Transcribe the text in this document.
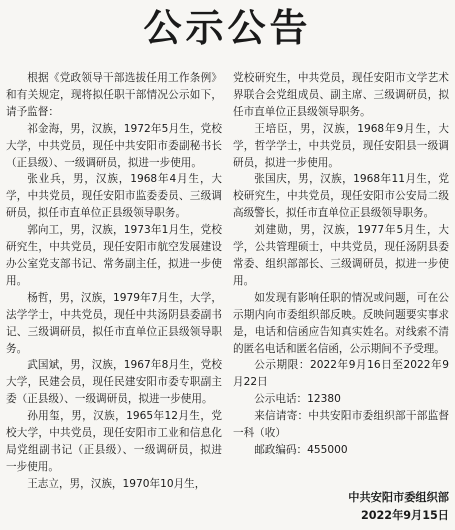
公示公告

根据《党政领导干部选拔任用工作条例》和有关规定，现将拟任职干部情况公示如下，请予监督：

祁金海，男，汉族，1972年5月生，党校大学，中共党员，现任中共安阳市委副秘书长（正县级）、一级调研员，拟进一步使用。

张业兵，男，汉族，1968年4月生，大学，中共党员，现任安阳市监委委员、三级调研员，拟任市直单位正县级领导职务。

郭向工，男，汉族，1973年1月生，党校研究生，中共党员，现任安阳市航空发展建设办公室党支部书记、常务副主任，拟进一步使用。

杨哲，男，汉族，1979年7月生，大学，法学学士，中共党员，现任中共汤阴县委副书记、三级调研员，拟任市直单位正县级领导职务。

武国斌，男，汉族，1967年8月生，党校大学，民建会员，现任民建安阳市委专职副主委（正县级）、一级调研员，拟进一步使用。

孙用玺，男，汉族，1965年12月生，党校大学，中共党员，现任安阳市工业和信息化局党组副书记（正县级）、一级调研员，拟进一步使用。

王志立，男，汉族，1970年10月生，

党校研究生，中共党员，现任安阳市文学艺术界联合会党组成员、副主席、三级调研员，拟任市直单位正县级领导职务。

王培臣，男，汉族，1968年9月生，大学，哲学学士，中共党员，现任安阳县一级调研员，拟进一步使用。

张国庆，男，汉族，1968年11月生，党校研究生，中共党员，现任安阳市公安局二级高级警长，拟任市直单位正县级领导职务。

刘建勋，男，汉族，1977年5月生，大学，公共管理硕士，中共党员，现任汤阴县委常委、组织部部长、三级调研员，拟进一步使用。

如发现有影响任职的情况或问题，可在公示期内向市委组织部反映。反映问题要实事求是，电话和信函应告知真实姓名。对线索不清的匿名电话和匿名信函，公示期间不予受理。

公示期限：2022年9月16日至2022年9月22日

公示电话：12380

来信请寄：中共安阳市委组织部干部监督一科（收）

邮政编码：455000

中共安阳市委组织部
2022年9月15日
